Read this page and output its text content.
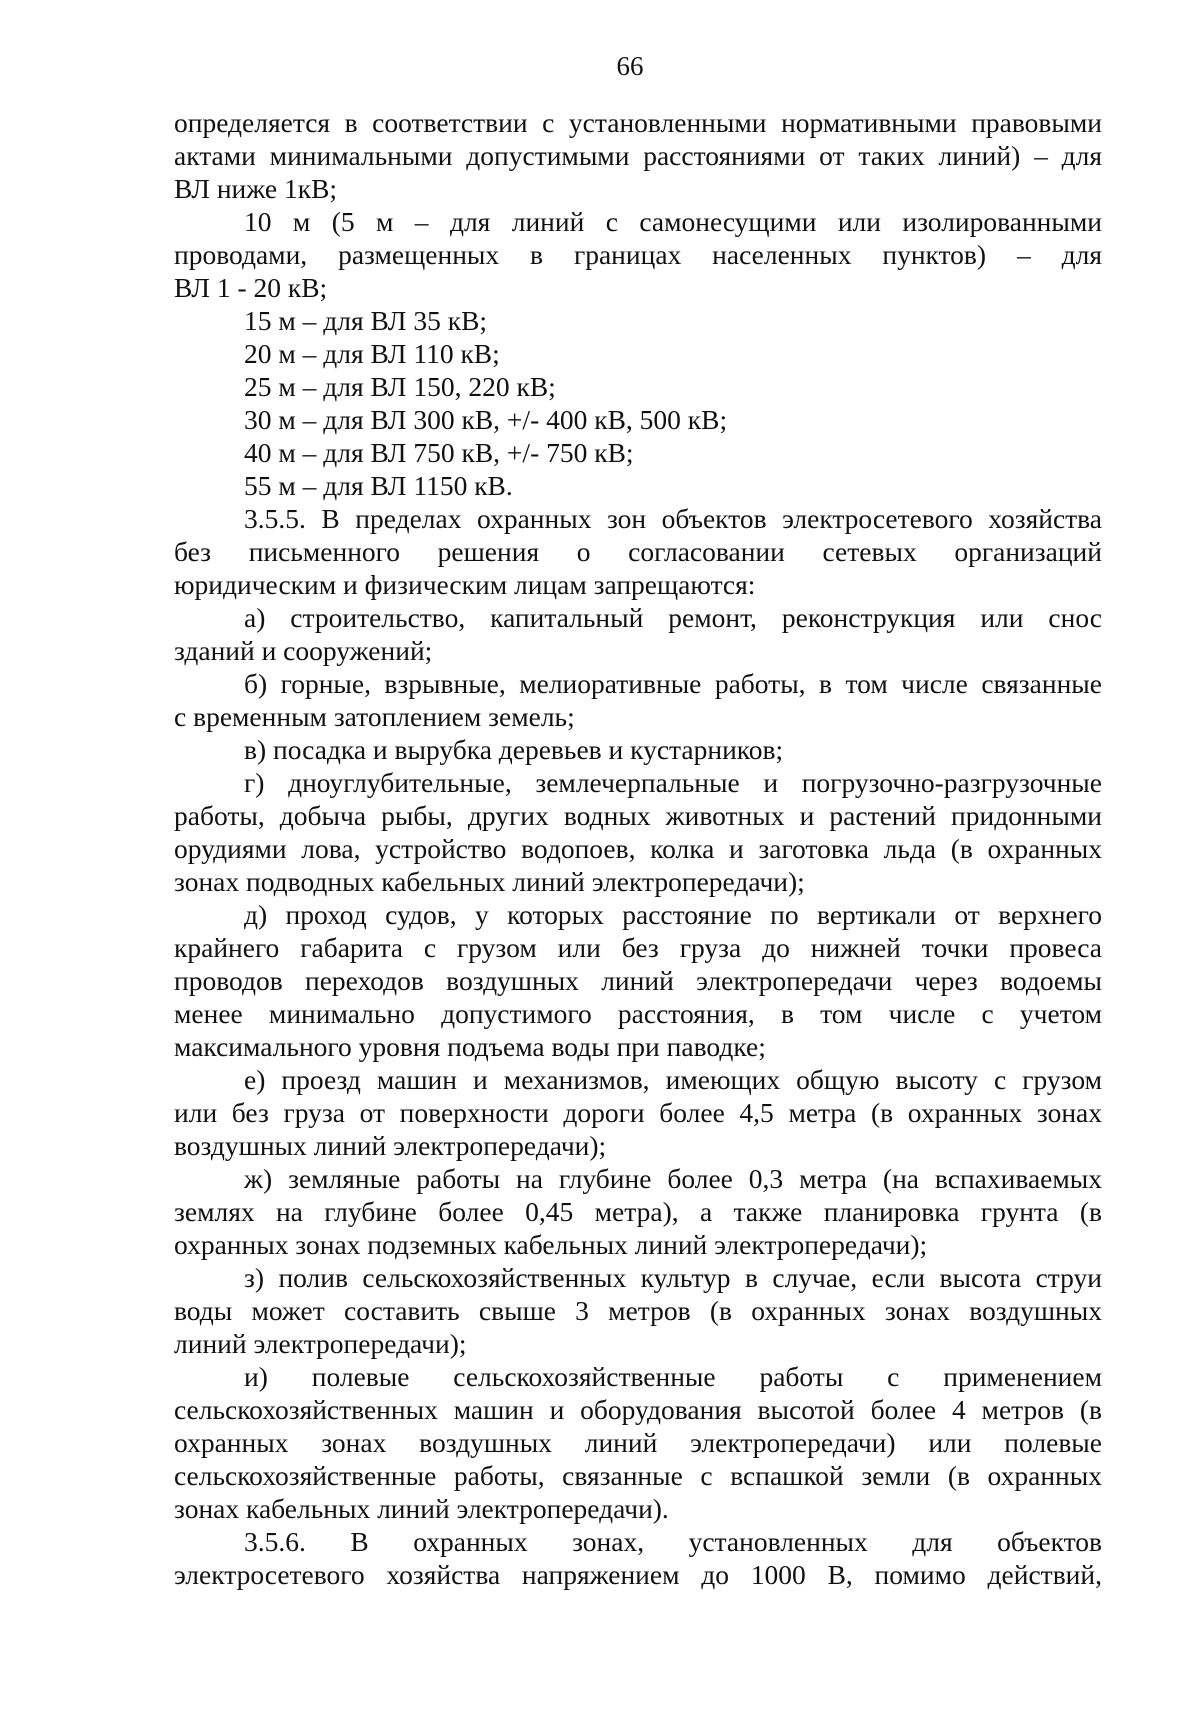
66
определяется в соответствии с установленными нормативными правовыми
актами минимальными допустимыми расстояниями от таких линий) – для
ВЛ ниже 1кВ;
10 м (5 м – для линий с самонесущими или изолированными
проводами, размещенных в границах населенных пунктов) – для
ВЛ 1 - 20 кВ;
15 м – для ВЛ 35 кВ;
20 м – для ВЛ 110 кВ;
25 м – для ВЛ 150, 220 кВ;
30 м – для ВЛ 300 кВ, +/- 400 кВ, 500 кВ;
40 м – для ВЛ 750 кВ, +/- 750 кВ;
55 м – для ВЛ 1150 кВ.
3.5.5. В пределах охранных зон объектов электросетевого хозяйства
без письменного решения о согласовании сетевых организаций
юридическим и физическим лицам запрещаются:
а) строительство, капитальный ремонт, реконструкция или снос
зданий и сооружений;
б) горные, взрывные, мелиоративные работы, в том числе связанные
с временным затоплением земель;
в) посадка и вырубка деревьев и кустарников;
г) дноуглубительные, землечерпальные и погрузочно-разгрузочные
работы, добыча рыбы, других водных животных и растений придонными
орудиями лова, устройство водопоев, колка и заготовка льда (в охранных
зонах подводных кабельных линий электропередачи);
д) проход судов, у которых расстояние по вертикали от верхнего
крайнего габарита с грузом или без груза до нижней точки провеса
проводов переходов воздушных линий электропередачи через водоемы
менее минимально допустимого расстояния, в том числе с учетом
максимального уровня подъема воды при паводке;
е) проезд машин и механизмов, имеющих общую высоту с грузом
или без груза от поверхности дороги более 4,5 метра (в охранных зонах
воздушных линий электропередачи);
ж) земляные работы на глубине более 0,3 метра (на вспахиваемых
землях на глубине более 0,45 метра), а также планировка грунта (в
охранных зонах подземных кабельных линий электропередачи);
з) полив сельскохозяйственных культур в случае, если высота струи
воды может составить свыше 3 метров (в охранных зонах воздушных
линий электропередачи);
и) полевые сельскохозяйственные работы с применением
сельскохозяйственных машин и оборудования высотой более 4 метров (в
охранных зонах воздушных линий электропередачи) или полевые
сельскохозяйственные работы, связанные с вспашкой земли (в охранных
зонах кабельных линий электропередачи).
3.5.6. В охранных зонах, установленных для объектов
электросетевого хозяйства напряжением до 1000 В, помимо действий,
